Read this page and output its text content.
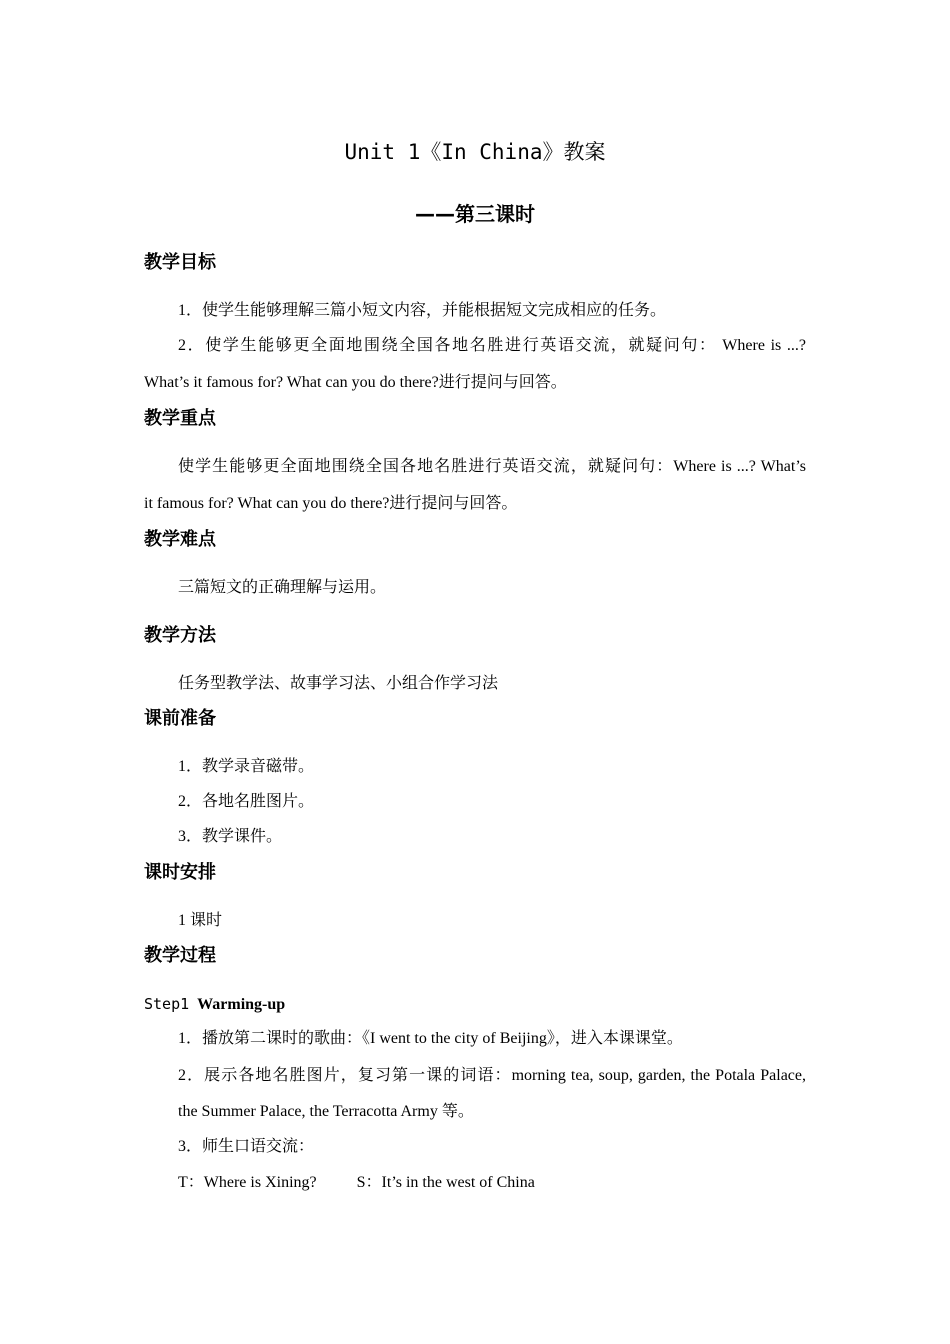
Unit 1《In China》教案
——第三课时
教学目标
1．使学生能够理解三篇小短文内容，并能根据短文完成相应的任务。
2．使学生能够更全面地围绕全国各地名胜进行英语交流，就疑问句： Where is ...?
What’s it famous for? What can you do there?进行提问与回答。
教学重点
使学生能够更全面地围绕全国各地名胜进行英语交流，就疑问句：Where is ...? What’s
it famous for? What can you do there?进行提问与回答。
教学难点
三篇短文的正确理解与运用。
教学方法
任务型教学法、故事学习法、小组合作学习法
课前准备
1．教学录音磁带。
2．各地名胜图片。
3．教学课件。
课时安排
1 课时
教学过程
Step1 Warming-up
1．播放第二课时的歌曲：《I went to the city of Beijing》，进入本课课堂。
2．展示各地名胜图片，复习第一课的词语：morning tea, soup, garden, the Potala Palace,
the Summer Palace, the Terracotta Army 等。
3．师生口语交流：
T：Where is Xining?	S：It’s in the west of China
